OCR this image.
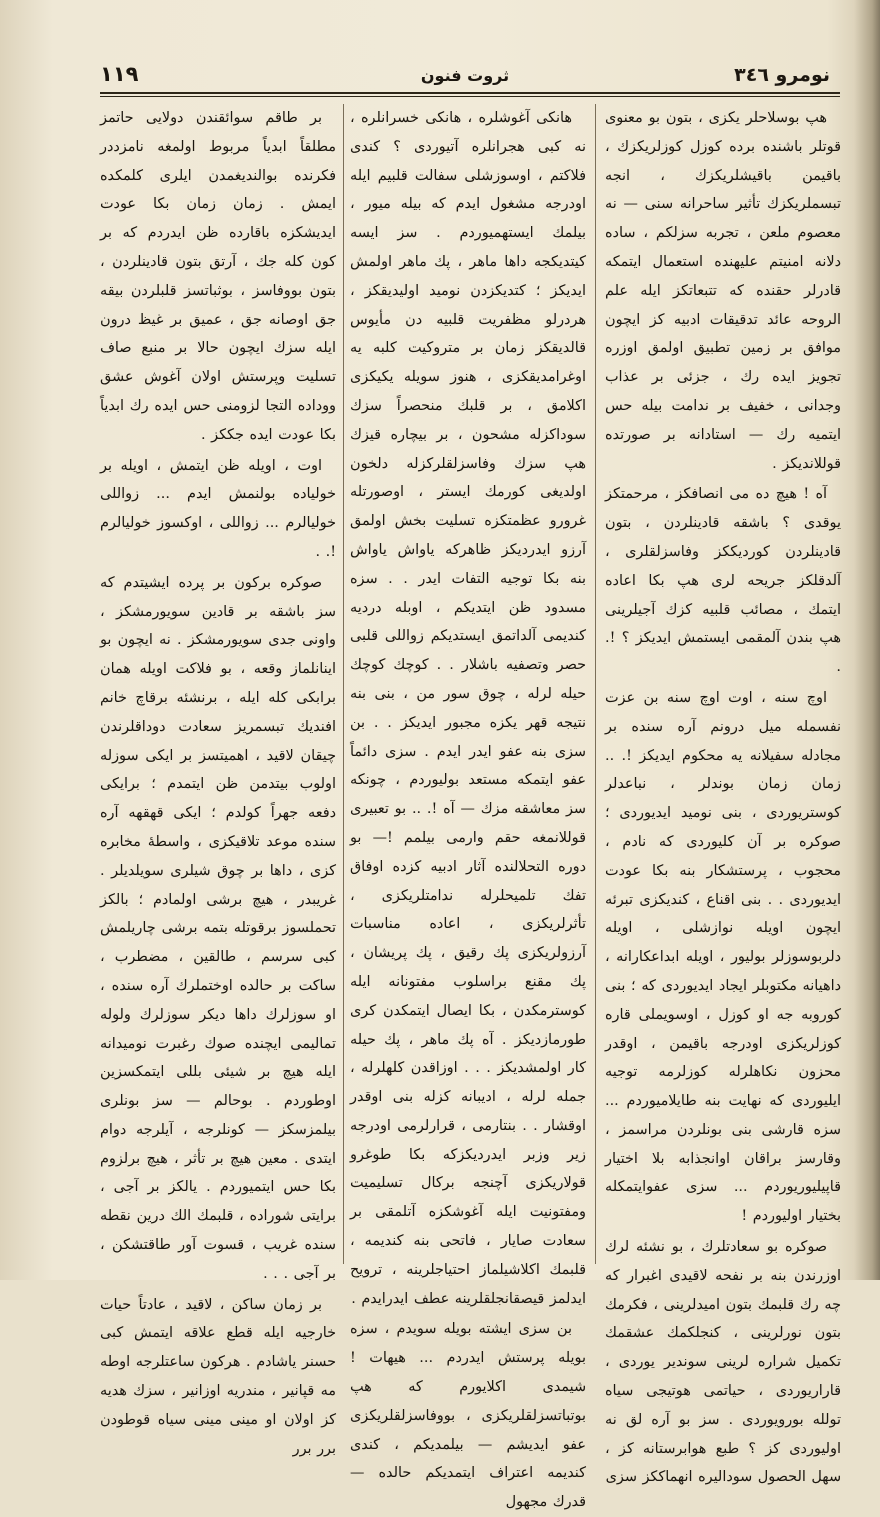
نومرو ٣٤٦
ثروت فنون
١١٩

هپ بوسلاحلر يكزى ، بتون بو معنوى قوتلر باشنده برده كوزل كوزلريكزك ، باقيمن باقيشلريكزك ، انجه تبسملريكزك تأثير ساحرانه سنى — نه معصوم ملعن ، تجربه سزلكم ، ساده دلانه امنيتم عليهنده استعمال ايتمكه قادرلر حقنده كه تتبعاتكز ايله علم الروحه عائد تدقيقات ادبيه كز ايچون موافق بر زمين تطبيق اولمق اوزره تجويز ايده رك ، جزئى بر عذاب وجدانى ، خفيف بر ندامت بيله حس ايتميه رك — استادانه بر صورتده قوللانديكز .

آه ! هيچ ده مى انصافكز ، مرحمتكز يوقدى ؟ باشقه قادينلردن ، بتون قادينلردن كورديككز وفاسزلقلرى ، آلدقلكز جريحه لرى هپ بكا اعاده ايتمك ، مصائب قلبيه كزك آجيلرينى هپ بندن آلمقمى ايستمش ايديكز ؟ !. .

اوچ سنه ، اوت اوچ سنه بن عزت نفسمله ميل درونم آره سنده بر مجادله سفيلانه يه محكوم ايديكز !. .. زمان زمان بوندلر ، نباعدلر كوستريوردى ، بنى نوميد ايديوردى ؛ صوكره بر آن كليوردى كه نادم ، محجوب ، پرستشكار بنه بكا عودت ايديوردى . . بنى اقناع ، كنديكزى تبرئه ايچون اويله نوازشلى ، اويله دلربوسوزلر بوليور ، اويله ابداعكارانه ، داهيانه مكتوبلر ايجاد ايديوردى كه ؛ بنى كوروبه جه او كوزل ، اوسويملى قاره كوزلريكزى اودرجه باقيمن ، اوقدر محزون نكاهلرله كوزلرمه توجيه ايليوردى كه نهايت بنه طايلاميوردم ... سزه قارشى بنى بونلردن مراسمز ، وقارسز براقان اوانجذابه بلا اختيار قاپيليوريوردم ... سزى عفوايتمكله بختيار اوليوردم !

صوكره بو سعادتلرك ، بو نشئه لرك اوزرندن بنه بر نفحه لاقيدى اغبرار كه چه رك قلبمك بتون اميدلرينى ، فكرمك بتون نورلرينى ، كنجلكمك عشقمك تكميل شراره لرينى سوندير يوردى ، قاراريوردى ، حياتمى هوتيجى سياه تولله بورويوردى . سز بو آره لق نه اوليوردى كز ؟ طبع هوابرستانه كز ، سهل الحصول سوداليره انهماككز سزى

هانكى آغوشلره ، هانكى خسرانلره ، نه كبى هجرانلره آتيوردى ؟ كندى فلاكتم ، اوسوزشلى سفالت قلبيم ايله اودرجه مشغول ايدم كه بيله ميور ، بيلمك ايستهميوردم . سز ايسه كيتديكجه داها ماهر ، پك ماهر اولمش ايديكز ؛ كتديكزدن نوميد اوليديقكز ، هردرلو مظفريت قلبيه دن مأيوس قالديقكز زمان بر متروكيت كلبه يه اوغرامديقكزى ، هنوز سويله يكيكزى اكلامق ، بر قلبك منحصراً سزك سوداكزله مشحون ، بر بيچاره قيزك هپ سزك وفاسزلقلركزله دلخون اولديغى كورمك ايستر ، اوصورتله غرورو عظمتكزه تسليت بخش اولمق آرزو ايدرديكز ظاهركه ياواش ياواش بنه بكا توجيه التفات ايدر . . سزه مسدود ظن ايتديكم ، اوبله درديه كنديمى آلداتمق ايستديكم زواللى قلبى حصر وتصفيه باشلار . . كوچك كوچك حيله لرله ، چوق سور من ، بنى بنه نتيجه قهر يكزه مجبور ايديكز . . بن سزى بنه عفو ايدر ايدم . سزى دائماً عفو ايتمكه مستعد بوليوردم ، چونكه سز معاشقه مزك — آه !. .. بو تعبيرى قوللانمغه حقم وارمى بيلمم !— بو دوره التحلالنده آثار ادبيه كزده اوفاق تفك تلميحلرله ندامتلريكزى ، تأثرلريكزى ، اعاده مناسبات آرزولريكزى پك رقيق ، پك پريشان ، پك مقنع براسلوب مفتونانه ايله كوسترمكدن ، بكا ايصال ايتمكدن كرى طورمازديكز . آه پك ماهر ، پك حيله كار اولمشديكز . . . اوزاقدن كلهلرله ، جمله لرله ، اديبانه كزله بنى اوقدر اوقشار . . بنتارمى ، قرارلرمى اودرجه زير وزبر ايدرديكزكه بكا طوغرو قولاريكزى آچنجه بركال تسليميت ومفتونيت ايله آغوشكزه آتلمقى بر سعادت صايار ، فاتحى بنه كنديمه ، قلبمك اكلاشيلماز احتياجلرينه ، ترويح ايدلمز قيصقانجلقلرينه عطف ايدرايدم .

بن سزى ايشته بويله سويدم ، سزه بويله پرستش ايدردم ... هيهات ! شيمدى اكلايورم كه هپ بوتباتسزلقلريكزى ، بووفاسزلقلريكزى عفو ايديشم — بيلمديكم ، كندى كنديمه اعتراف ايتمديكم حالده — قدرك مجهول

بر طاقم سوائقندن دولايى حاتمز مطلقاً ابدياً مربوط اولمغه نامزددر فكرنده بوالنديغمدن ايلرى كلمكده ايمش . زمان زمان بكا عودت ايديشكزه باقارده ظن ايدردم كه بر كون كله جك ، آرتق بتون قادينلردن ، بتون بووفاسز ، بوثباتسز قلبلردن بيقه جق اوصانه جق ، عميق بر غيظ درون ايله سزك ايچون حالا بر منبع صاف تسليت وپرستش اولان آغوش عشق ووداده التجا لزومنى حس ايده رك ابدياً بكا عودت ايده جككز .

اوت ، اويله ظن ايتمش ، اويله بر خولياده بولنمش ايدم ... زواللى خوليالرم ... زواللى ، اوكسوز خوليالرم !. .

صوكره بركون بر پرده ايشيتدم كه سز باشقه بر قادين سويورمشكز ، واونى جدى سويورمشكز . نه ايچون بو اينانلماز وقعه ، بو فلاكت اويله همان برابكى كله ايله ، برنشئه برقاچ خانم افنديك تبسمريز سعادت دوداقلرندن چيقان لاقيد ، اهميتسز بر ايكى سوزله اولوب بيتدمن ظن ايتمدم ؛ برايكى دفعه جهراً كولدم ؛ ايكى قهقهه آره سنده موعد تلاقيكزى ، واسطۀ مخابره كزى ، داها بر چوق شيلرى سويلديلر . غريبدر ، هيچ برشى اولمادم ؛ بالكز تحملسوز برقوتله بتمه برشى چاريلمش كبى سرسم ، طالقين ، مضطرب ، ساكت بر حالده اوختملرك آره سنده ، او سوزلرك داها ديكر سوزلرك ولوله تماليمى ايچنده صوك رغبرت نوميدانه ايله هيچ بر شيئى بللى ايتمكسزين اوطوردم . بوحالم — سز بونلرى بيلمزسكز — كونلرجه ، آيلرجه دوام ايتدى . معين هيچ بر تأثر ، هيچ برلزوم بكا حس ايتميوردم . يالكز بر آجى ، برايتى شوراده ، قلبمك الك درين نقطه سنده غريب ، قسوت آور طاقتشكن ، بر آجى . . .

بر زمان ساكن ، لاقيد ، عادتاً حيات خارجيه ايله قطع علاقه ايتمش كبى حسنر ياشادم . هركون ساعتلرجه اوطه مه قپانير ، مندريه اوزانير ، سزك هديه كز اولان او مينى مينى سياه قوطودن برر برر
